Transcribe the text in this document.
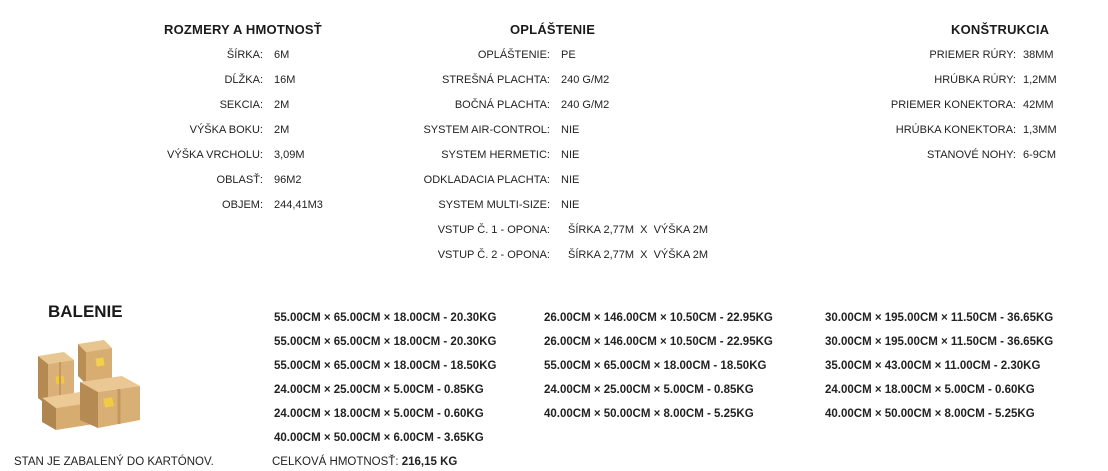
ROZMERY A HMOTNOSŤ	OPLÁŠTENIE	KONŠTRUKCIA
ŠÍRKA: 6M
DĹŽKA: 16M
SEKCIA: 2M
VÝŠKA BOKU: 2M
VÝŠKA VRCHOLU: 3,09M
OBLASŤ: 96M2
OBJEM: 244,41M3
OPLÁŠTENIE: PE
STREŠNÁ PLACHTA: 240 G/M2
BOČNÁ PLACHTA: 240 G/M2
SYSTEM AIR-CONTROL: NIE
SYSTEM HERMETIC: NIE
ODKLADACIA PLACHTA: NIE
SYSTEM MULTI-SIZE: NIE
VSTUP Č. 1 - OPONA: ŠÍRKA 2,77M  X  VÝŠKA 2M
VSTUP Č. 2 - OPONA: ŠÍRKA 2,77M  X  VÝŠKA 2M
PRIEMER RÚRY: 38MM
HRÚBKA RÚRY: 1,2MM
PRIEMER KONEKTORA: 42MM
HRÚBKA KONEKTORA: 1,3MM
STANOVÉ NOHY: 6-9CM
BALENIE
STAN JE ZABALENÝ DO KARTÓNOV.
55.00CM × 65.00CM × 18.00CM - 20.30KG
55.00CM × 65.00CM × 18.00CM - 20.30KG
55.00CM × 65.00CM × 18.00CM - 18.50KG
24.00CM × 25.00CM × 5.00CM - 0.85KG
24.00CM × 18.00CM × 5.00CM - 0.60KG
40.00CM × 50.00CM × 6.00CM - 3.65KG
26.00CM × 146.00CM × 10.50CM - 22.95KG
26.00CM × 146.00CM × 10.50CM - 22.95KG
55.00CM × 65.00CM × 18.00CM - 18.50KG
24.00CM × 25.00CM × 5.00CM - 0.85KG
40.00CM × 50.00CM × 8.00CM - 5.25KG
30.00CM × 195.00CM × 11.50CM - 36.65KG
30.00CM × 195.00CM × 11.50CM - 36.65KG
35.00CM × 43.00CM × 11.00CM - 2.30KG
24.00CM × 18.00CM × 5.00CM - 0.60KG
40.00CM × 50.00CM × 8.00CM - 5.25KG
CELKOVÁ HMOTNOSŤ: 216,15 KG
